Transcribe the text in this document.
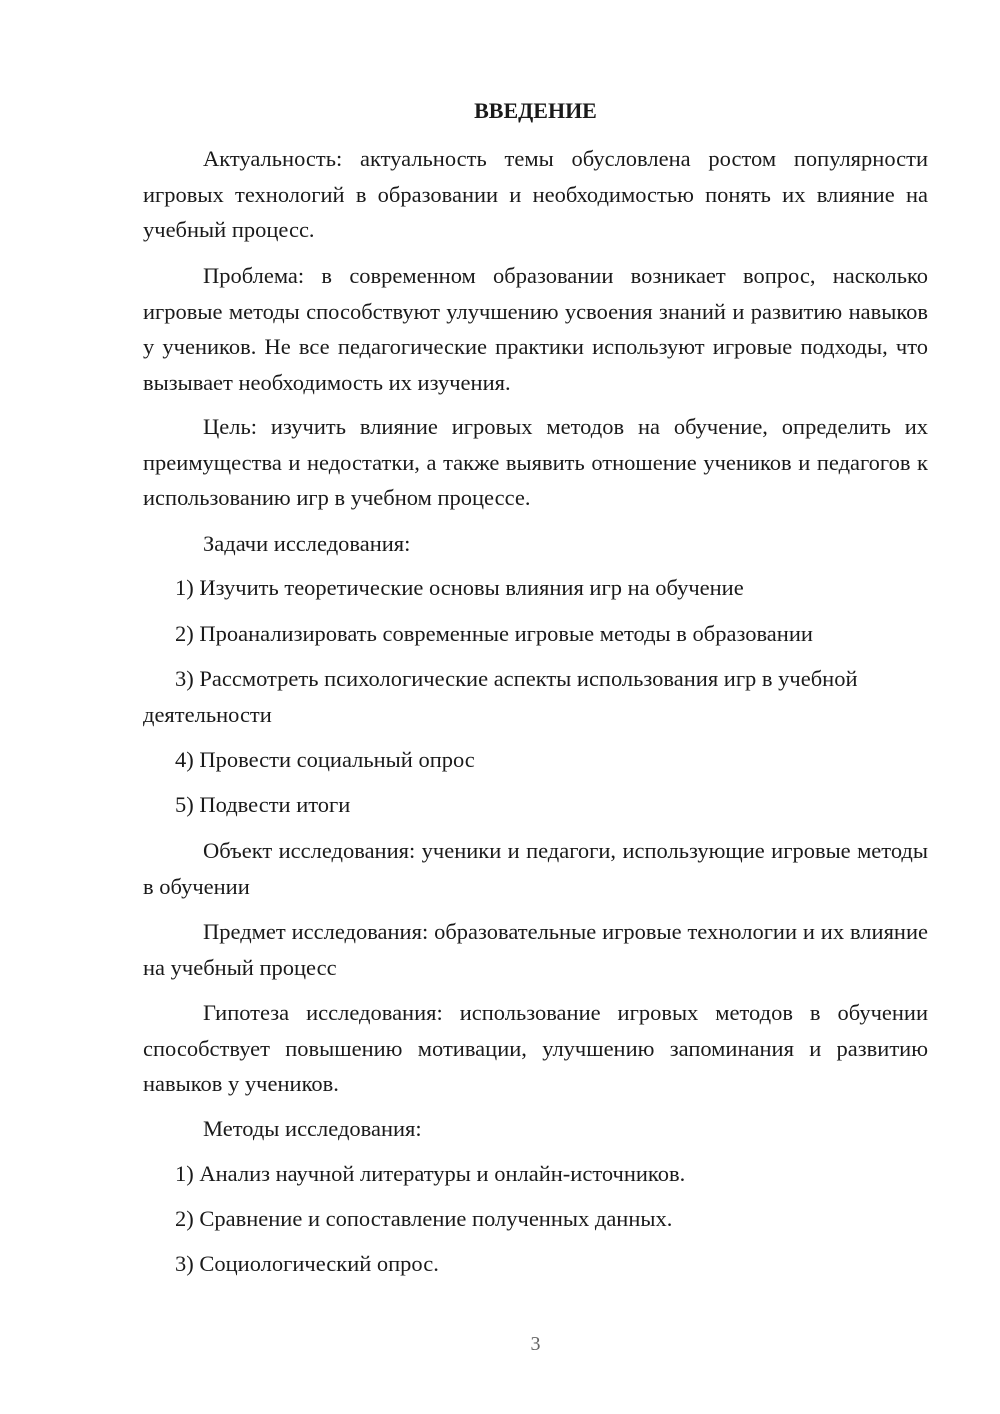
ВВЕДЕНИЕ
Актуальность: актуальность темы обусловлена ростом популярности игровых технологий в образовании и необходимостью понять их влияние на учебный процесс.
Проблема: в современном образовании возникает вопрос, насколько игровые методы способствуют улучшению усвоения знаний и развитию навыков у учеников. Не все педагогические практики используют игровые подходы, что вызывает необходимость их изучения.
Цель: изучить влияние игровых методов на обучение, определить их преимущества и недостатки, а также выявить отношение учеников и педагогов к использованию игр в учебном процессе.
Задачи исследования:
1) Изучить теоретические основы влияния игр на обучение
2) Проанализировать современные игровые методы в образовании
3) Рассмотреть психологические аспекты использования игр в учебной деятельности
4) Провести социальный опрос
5) Подвести итоги
Объект исследования: ученики и педагоги, использующие игровые методы в обучении
Предмет исследования: образовательные игровые технологии и их влияние на учебный процесс
Гипотеза исследования: использование игровых методов в обучении способствует повышению мотивации, улучшению запоминания и развитию навыков у учеников.
Методы исследования:
1) Анализ научной литературы и онлайн-источников.
2) Сравнение и сопоставление полученных данных.
3) Социологический опрос.
3
